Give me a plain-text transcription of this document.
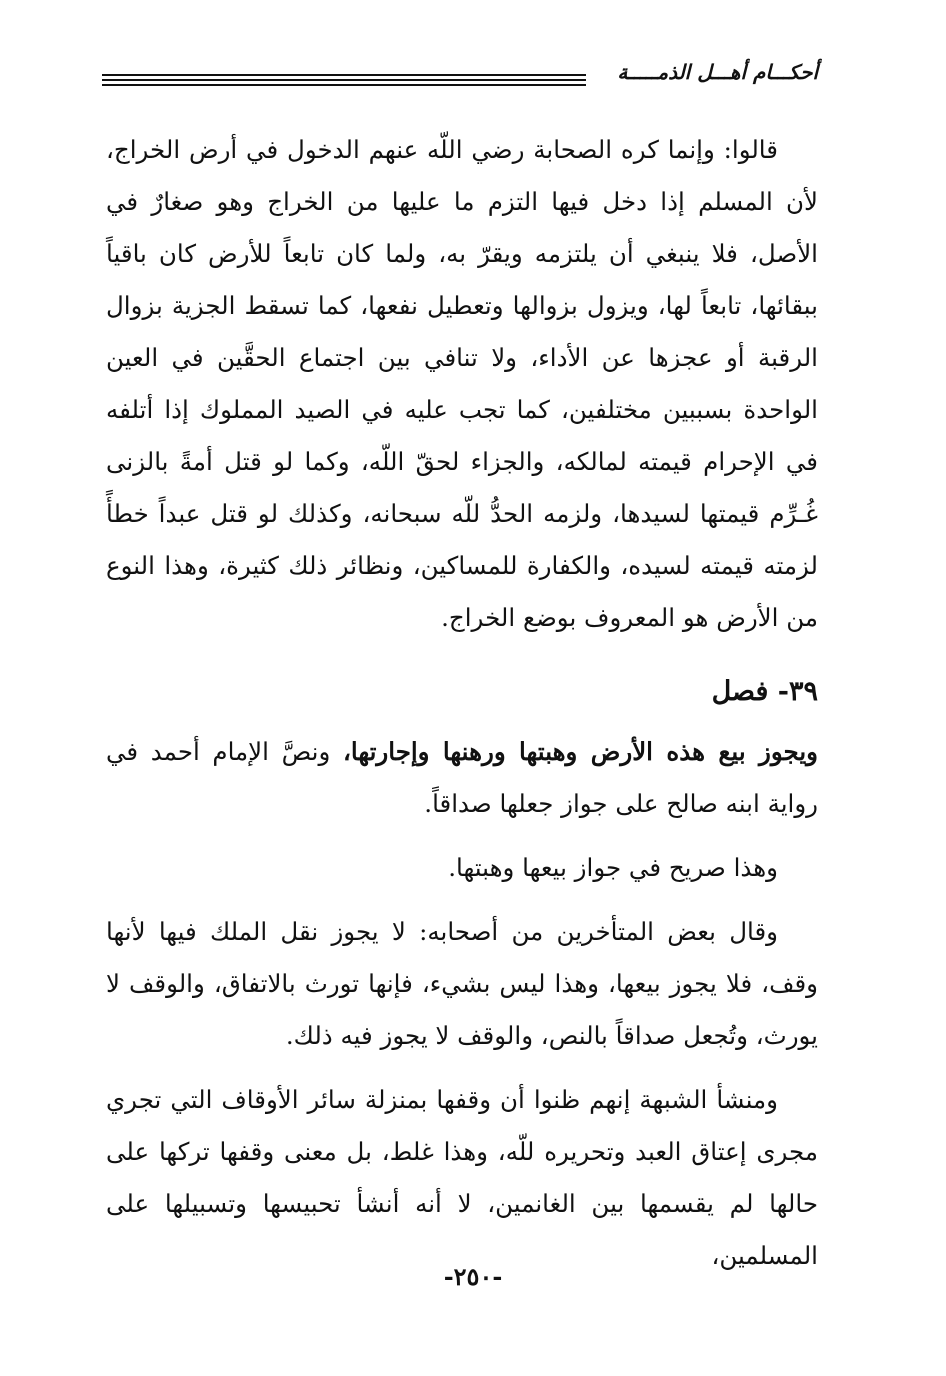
أحكـــام أهـــل الذمـــــة

قالوا: وإنما كره الصحابة رضي اللّه عنهم الدخول في أرض الخراج، لأن المسلم إذا دخل فيها التزم ما عليها من الخراج وهو صغارٌ في الأصل، فلا ينبغي أن يلتزمه ويقرّ به، ولما كان تابعاً للأرض كان باقياً ببقائها، تابعاً لها، ويزول بزوالها وتعطيل نفعها، كما تسقط الجزية بزوال الرقبة أو عجزها عن الأداء، ولا تنافي بين اجتماع الحقَّين في العين الواحدة بسببين مختلفين، كما تجب عليه في الصيد المملوك إذا أتلفه في الإحرام قيمته لمالكه، والجزاء لحقّ اللّه، وكما لو قتل أمةً بالزنى غُـرِّم قيمتها لسيدها، ولزمه الحدُّ للّه سبحانه، وكذلك لو قتل عبداً خطأً لزمته قيمته لسيده، والكفارة للمساكين، ونظائر ذلك كثيرة، وهذا النوع من الأرض هو المعروف بوضع الخراج.

٣٩- فصل

ويجوز بيع هذه الأرض وهبتها ورهنها وإجارتها، ونصَّ الإمام أحمد في رواية ابنه صالح على جواز جعلها صداقاً.

وهذا صريح في جواز بيعها وهبتها.

وقال بعض المتأخرين من أصحابه: لا يجوز نقل الملك فيها لأنها وقف، فلا يجوز بيعها، وهذا ليس بشيء، فإنها تورث بالاتفاق، والوقف لا يورث، وتُجعل صداقاً بالنص، والوقف لا يجوز فيه ذلك.

ومنشأ الشبهة إنهم ظنوا أن وقفها بمنزلة سائر الأوقاف التي تجري مجرى إعتاق العبد وتحريره للّه، وهذا غلط، بل معنى وقفها تركها على حالها لم يقسمها بين الغانمين، لا أنه أنشأ تحبيسها وتسبيلها على المسلمين،

-٢٥٠-
